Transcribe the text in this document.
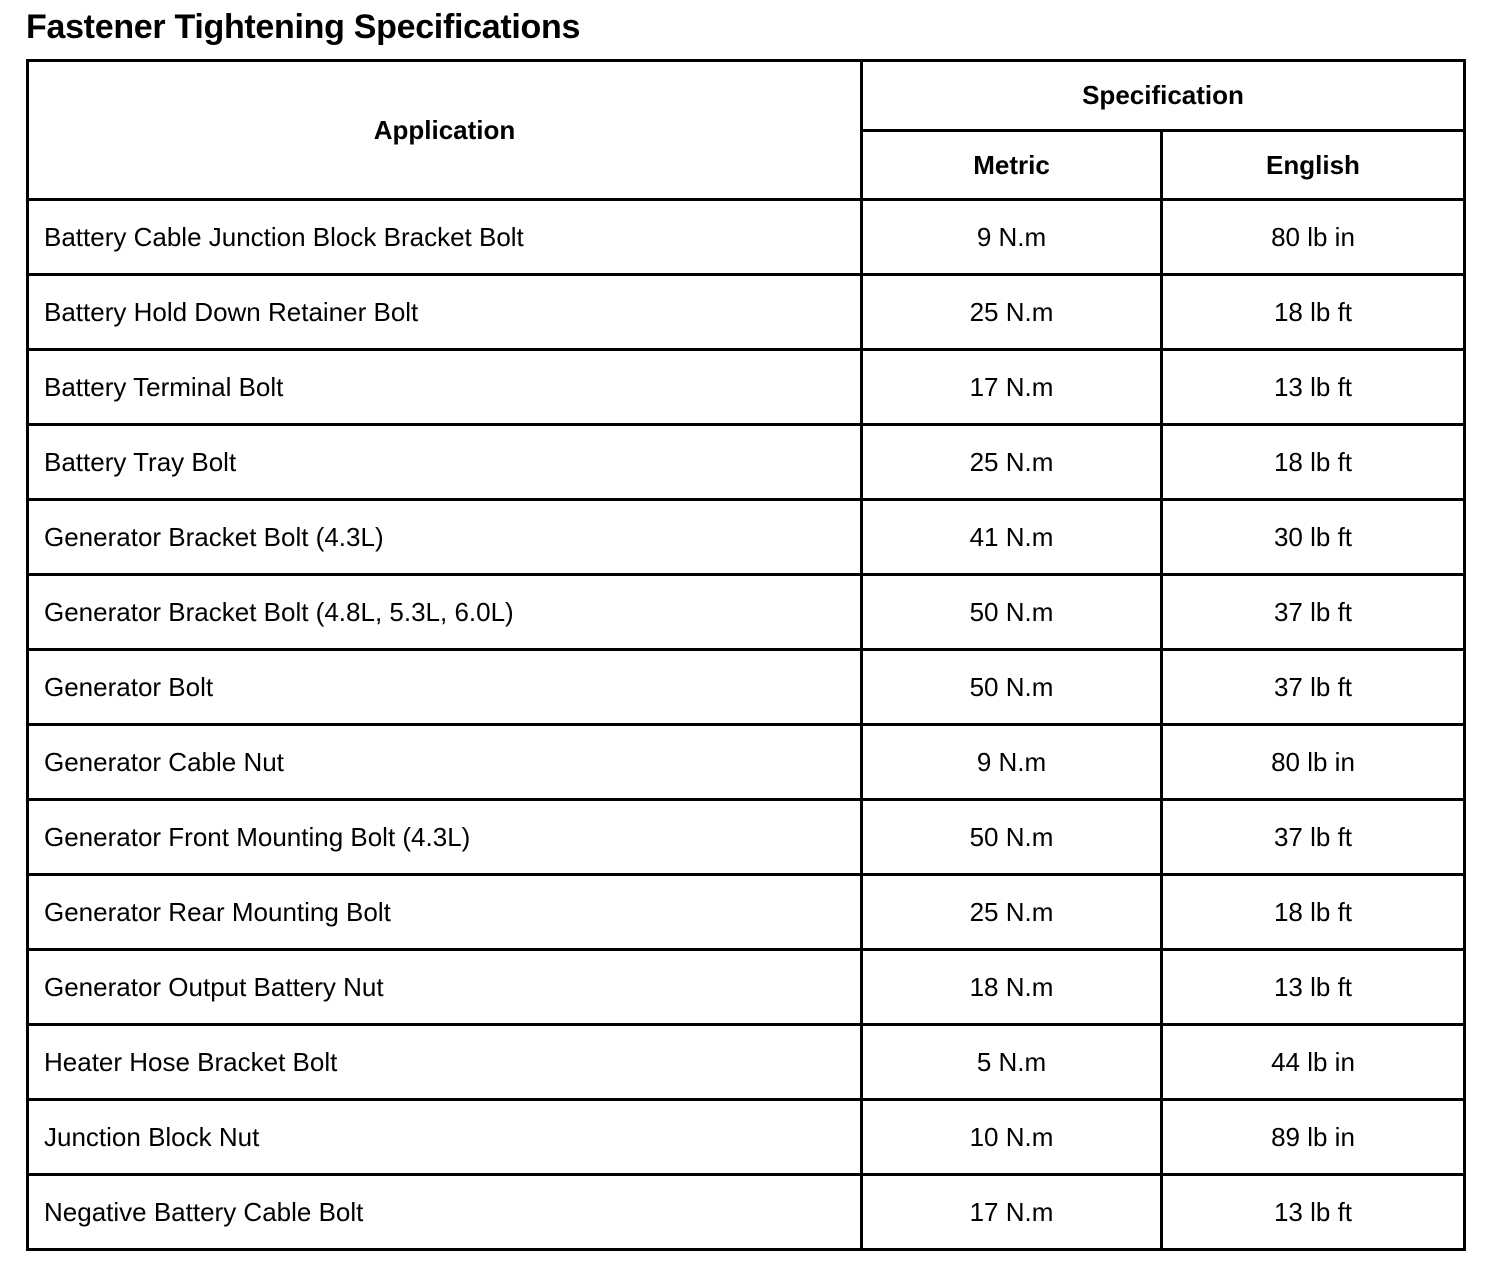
Fastener Tightening Specifications
Application	Specification	
	Metric	English
Battery Cable Junction Block Bracket Bolt	9 N.m	80 lb in
Battery Hold Down Retainer Bolt	25 N.m	18 lb ft
Battery Terminal Bolt	17 N.m	13 lb ft
Battery Tray Bolt	25 N.m	18 lb ft
Generator Bracket Bolt (4.3L)	41 N.m	30 lb ft
Generator Bracket Bolt (4.8L, 5.3L, 6.0L)	50 N.m	37 lb ft
Generator Bolt	50 N.m	37 lb ft
Generator Cable Nut	9 N.m	80 lb in
Generator Front Mounting Bolt (4.3L)	50 N.m	37 lb ft
Generator Rear Mounting Bolt	25 N.m	18 lb ft
Generator Output Battery Nut	18 N.m	13 lb ft
Heater Hose Bracket Bolt	5 N.m	44 lb in
Junction Block Nut	10 N.m	89 lb in
Negative Battery Cable Bolt	17 N.m	13 lb ft
